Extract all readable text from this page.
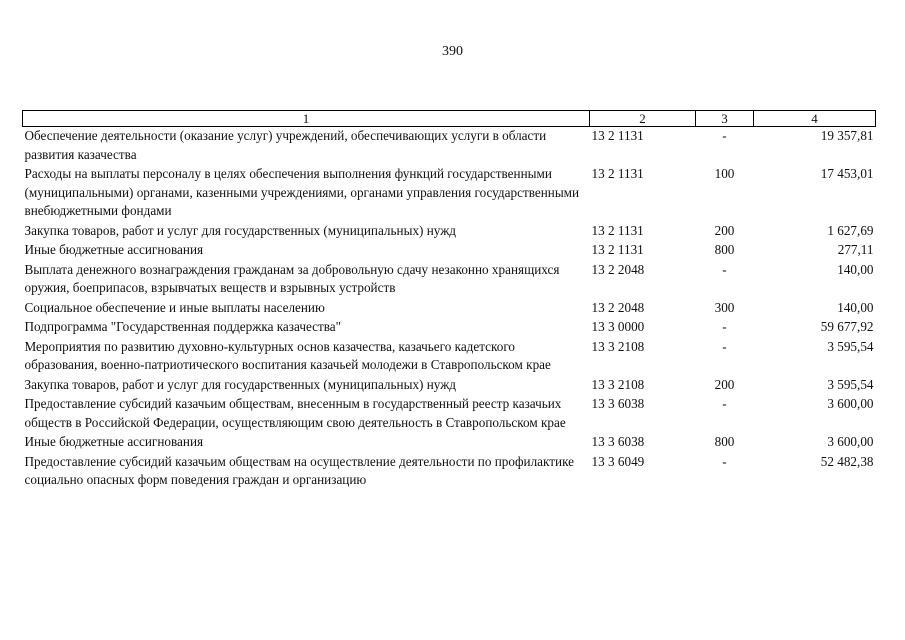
390
1	2	3	4
Обеспечение деятельности (оказание услуг) учреждений, обеспечивающих услуги в области развития казачества	13 2 1131	-	19 357,81
Расходы на выплаты персоналу в целях обеспечения выполнения функций государственными (муниципальными) органами, казенными учреждениями, органами управления государственными внебюджетными фондами	13 2 1131	100	17 453,01
Закупка товаров, работ и услуг для государственных (муниципальных) нужд	13 2 1131	200	1 627,69
Иные бюджетные ассигнования	13 2 1131	800	277,11
Выплата денежного вознаграждения гражданам за добровольную сдачу незаконно хранящихся оружия, боеприпасов, взрывчатых веществ и взрывных устройств	13 2 2048	-	140,00
Социальное обеспечение и иные выплаты населению	13 2 2048	300	140,00
Подпрограмма "Государственная поддержка казачества"	13 3 0000	-	59 677,92
Мероприятия по развитию духовно-культурных основ казачества, казачьего кадетского образования, военно-патриотического воспитания казачьей молодежи в Ставропольском крае	13 3 2108	-	3 595,54
Закупка товаров, работ и услуг для государственных (муниципальных) нужд	13 3 2108	200	3 595,54
Предоставление субсидий казачьим обществам, внесенным в государственный реестр казачьих обществ в Российской Федерации, осуществляющим свою деятельность в Ставропольском крае	13 3 6038	-	3 600,00
Иные бюджетные ассигнования	13 3 6038	800	3 600,00
Предоставление субсидий казачьим обществам на осуществление деятельности по профилактике социально опасных форм поведения граждан и организацию	13 3 6049	-	52 482,38
